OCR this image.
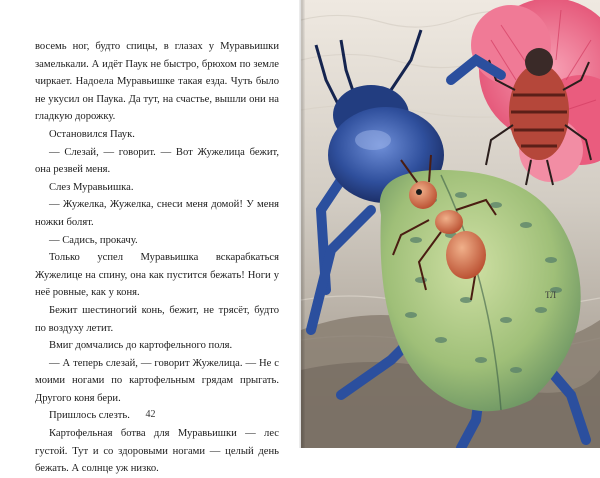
восемь ног, будто спицы, в глазах у Муравьишки замелькали. А идёт Паук не быстро, брюхом по земле чиркает. Надоела Муравьишке такая езда. Чуть было не укусил он Паука. Да тут, на счастье, вышли они на гладкую дорожку.

Остановился Паук.

— Слезай, — говорит. — Вот Жужелица бежит, она резвей меня.

Слез Муравьишка.

— Жужелка, Жужелка, снеси меня домой! У меня ножки болят.

— Садись, прокачу.

Только успел Муравьишка вскарабкаться Жужелице на спину, она как пустится бежать! Ноги у неё ровные, как у коня.

Бежит шестиногий конь, бежит, не трясёт, будто по воздуху летит.

Вмиг домчались до картофельного поля.

— А теперь слезай, — говорит Жужелица. — Не с моими ногами по картофельным грядам прыгать. Другого коня бери.

Пришлось слезть.

Картофельная ботва для Муравьишки — лес густой. Тут и со здоровыми ногами — целый день бежать. А солнце уж низко.

42
ТЛ
